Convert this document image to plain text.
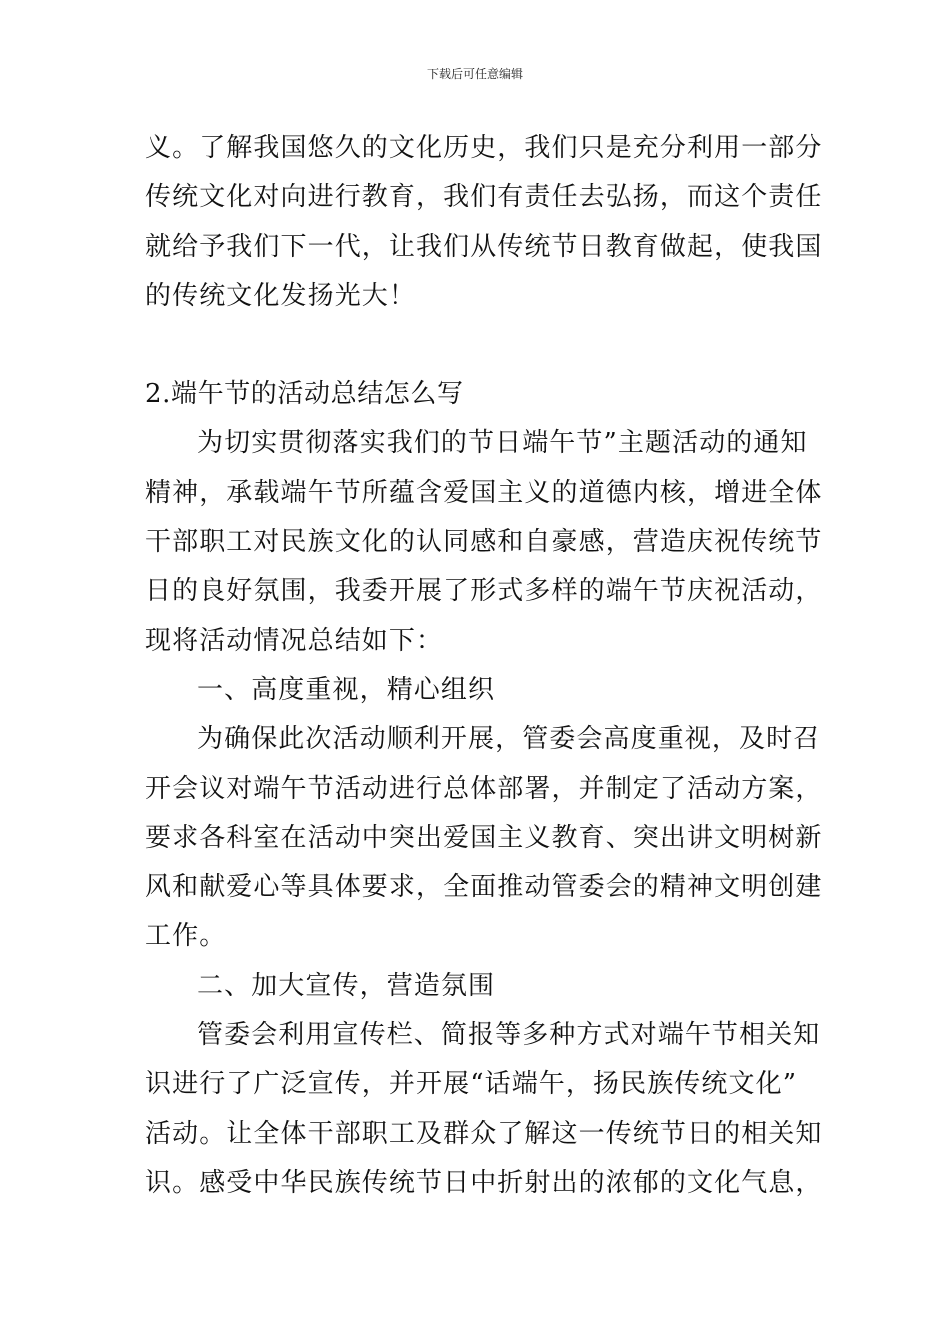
下载后可任意编辑
义。了解我国悠久的文化历史，我们只是充分利用一部分
传统文化对向进行教育，我们有责任去弘扬，而这个责任
就给予我们下一代，让我们从传统节日教育做起，使我国
的传统文化发扬光大！
2.端午节的活动总结怎么写
为切实贯彻落实我们的节日端午节”主题活动的通知
精神，承载端午节所蕴含爱国主义的道德内核，增进全体
干部职工对民族文化的认同感和自豪感，营造庆祝传统节
日的良好氛围，我委开展了形式多样的端午节庆祝活动，
现将活动情况总结如下：
一、高度重视，精心组织
为确保此次活动顺利开展，管委会高度重视，及时召
开会议对端午节活动进行总体部署，并制定了活动方案，
要求各科室在活动中突出爱国主义教育、突出讲文明树新
风和献爱心等具体要求，全面推动管委会的精神文明创建
工作。
二、加大宣传，营造氛围
管委会利用宣传栏、简报等多种方式对端午节相关知
识进行了广泛宣传，并开展“话端午，扬民族传统文化”
活动。让全体干部职工及群众了解这一传统节日的相关知
识。感受中华民族传统节日中折射出的浓郁的文化气息，
